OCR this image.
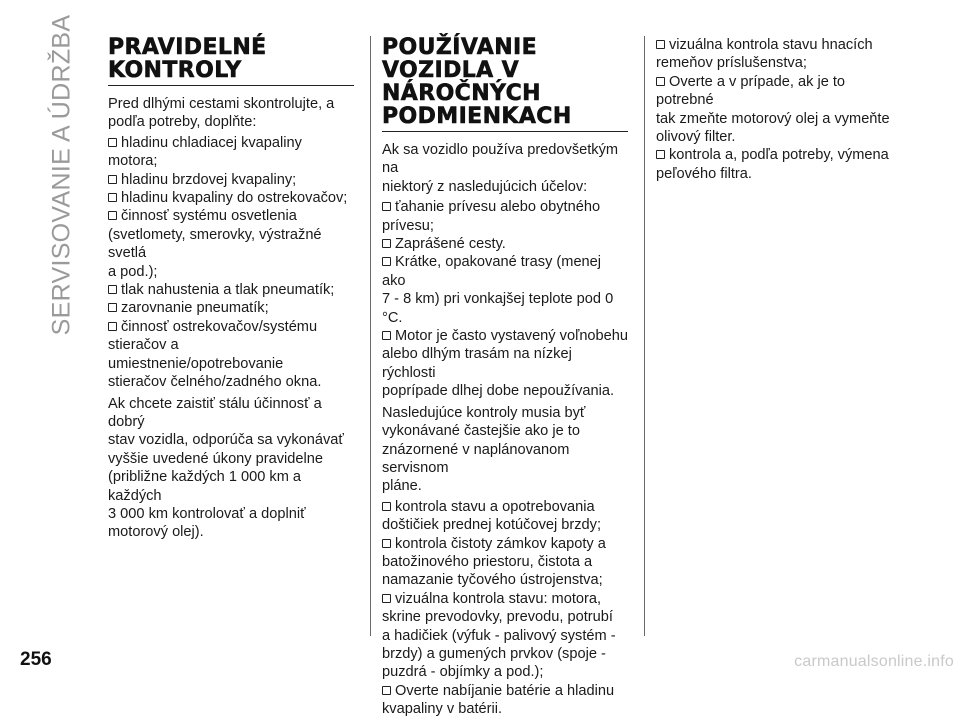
SERVISOVANIE A ÚDRŽBA PRAVIDELNÉ
KONTROLY

Pred dlhými cestami skontrolujte, a
podľa potreby, doplňte:

hladinu chladiacej kvapaliny motora;

hladinu brzdovej kvapaliny;

hladinu kvapaliny do ostrekovačov;

činnosť systému osvetlenia
(svetlomety, smerovky, výstražné svetlá
a pod.);

tlak nahustenia a tlak pneumatík;

zarovnanie pneumatík;

činnosť ostrekovačov/systému
stieračov a umiestnenie/opotrebovanie
stieračov čelného/zadného okna.

Ak chcete zaistiť stálu účinnosť a dobrý
stav vozidla, odporúča sa vykonávať
vyššie uvedené úkony pravidelne
(približne každých 1 000 km a každých
3 000 km kontrolovať a doplniť
motorový olej).

POUŽÍVANIE
VOZIDLA V
NÁROČNÝCH
PODMIENKACH

Ak sa vozidlo používa predovšetkým na
niektorý z nasledujúcich účelov:

ťahanie prívesu alebo obytného
prívesu;

Zaprášené cesty.

Krátke, opakované trasy (menej ako
7 - 8 km) pri vonkajšej teplote pod 0
°C.

Motor je často vystavený voľnobehu
alebo dlhým trasám na nízkej rýchlosti
poprípade dlhej dobe nepoužívania.

Nasledujúce kontroly musia byť
vykonávané častejšie ako je to
znázornené v naplánovanom servisnom
pláne.

kontrola stavu a opotrebovania
doštičiek prednej kotúčovej brzdy;

kontrola čistoty zámkov kapoty a
batožinového priestoru, čistota a
namazanie tyčového ústrojenstva;

vizuálna kontrola stavu: motora,
skrine prevodovky, prevodu, potrubí
a hadičiek (výfuk - palivový systém -
brzdy) a gumených prvkov (spoje -
puzdrá - objímky a pod.);

Overte nabíjanie batérie a hladinu
kvapaliny v batérii.

vizuálna kontrola stavu hnacích
remeňov príslušenstva;

Overte a v prípade, ak je to potrebné
tak zmeňte motorový olej a vymeňte
olivový filter.

kontrola a, podľa potreby, výmena
peľového filtra.

256	carmanualsonline.info
